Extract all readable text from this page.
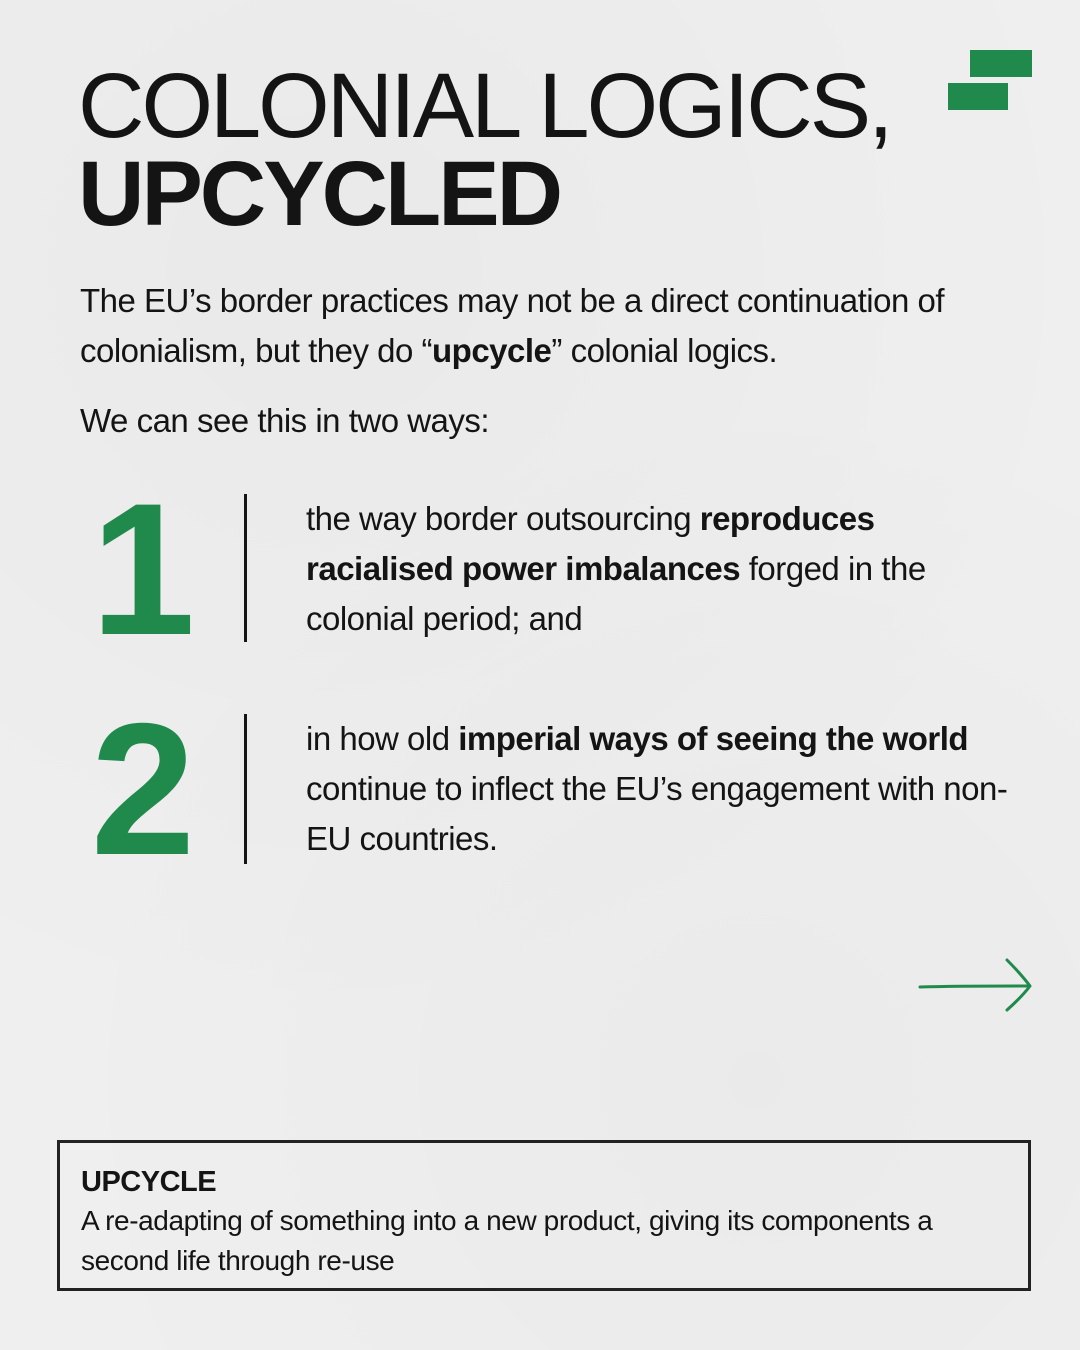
COLONIAL LOGICS,
UPCYCLED

The EU’s border practices may not be a direct continuation of colonialism, but they do “upcycle” colonial logics.

We can see this in two ways:

1	the way border outsourcing reproduces racialised power imbalances forged in the colonial period; and

2	in how old imperial ways of seeing the world continue to inflect the EU’s engagement with non-EU countries.

UPCYCLE

A re-adapting of something into a new product, giving its components a second life through re-use
